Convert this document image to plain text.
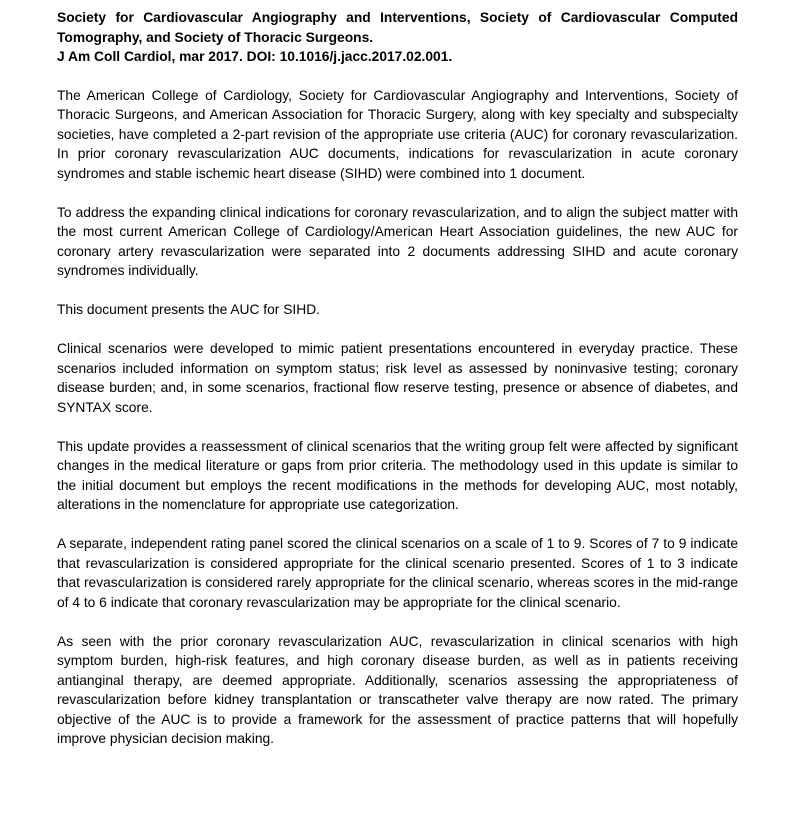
Society for Cardiovascular Angiography and Interventions, Society of Cardiovascular Computed Tomography, and Society of Thoracic Surgeons.
J Am Coll Cardiol, mar 2017. DOI: 10.1016/j.jacc.2017.02.001.

The American College of Cardiology, Society for Cardiovascular Angiography and Interventions, Society of Thoracic Surgeons, and American Association for Thoracic Surgery, along with key specialty and subspecialty societies, have completed a 2-part revision of the appropriate use criteria (AUC) for coronary revascularization. In prior coronary revascularization AUC documents, indications for revascularization in acute coronary syndromes and stable ischemic heart disease (SIHD) were combined into 1 document.

To address the expanding clinical indications for coronary revascularization, and to align the subject matter with the most current American College of Cardiology/American Heart Association guidelines, the new AUC for coronary artery revascularization were separated into 2 documents addressing SIHD and acute coronary syndromes individually.

This document presents the AUC for SIHD.

Clinical scenarios were developed to mimic patient presentations encountered in everyday practice. These scenarios included information on symptom status; risk level as assessed by noninvasive testing; coronary disease burden; and, in some scenarios, fractional flow reserve testing, presence or absence of diabetes, and SYNTAX score.

This update provides a reassessment of clinical scenarios that the writing group felt were affected by significant changes in the medical literature or gaps from prior criteria. The methodology used in this update is similar to the initial document but employs the recent modifications in the methods for developing AUC, most notably, alterations in the nomenclature for appropriate use categorization.

A separate, independent rating panel scored the clinical scenarios on a scale of 1 to 9. Scores of 7 to 9 indicate that revascularization is considered appropriate for the clinical scenario presented. Scores of 1 to 3 indicate that revascularization is considered rarely appropriate for the clinical scenario, whereas scores in the mid-range of 4 to 6 indicate that coronary revascularization may be appropriate for the clinical scenario.

As seen with the prior coronary revascularization AUC, revascularization in clinical scenarios with high symptom burden, high-risk features, and high coronary disease burden, as well as in patients receiving antianginal therapy, are deemed appropriate. Additionally, scenarios assessing the appropriateness of revascularization before kidney transplantation or transcatheter valve therapy are now rated. The primary objective of the AUC is to provide a framework for the assessment of practice patterns that will hopefully improve physician decision making.
